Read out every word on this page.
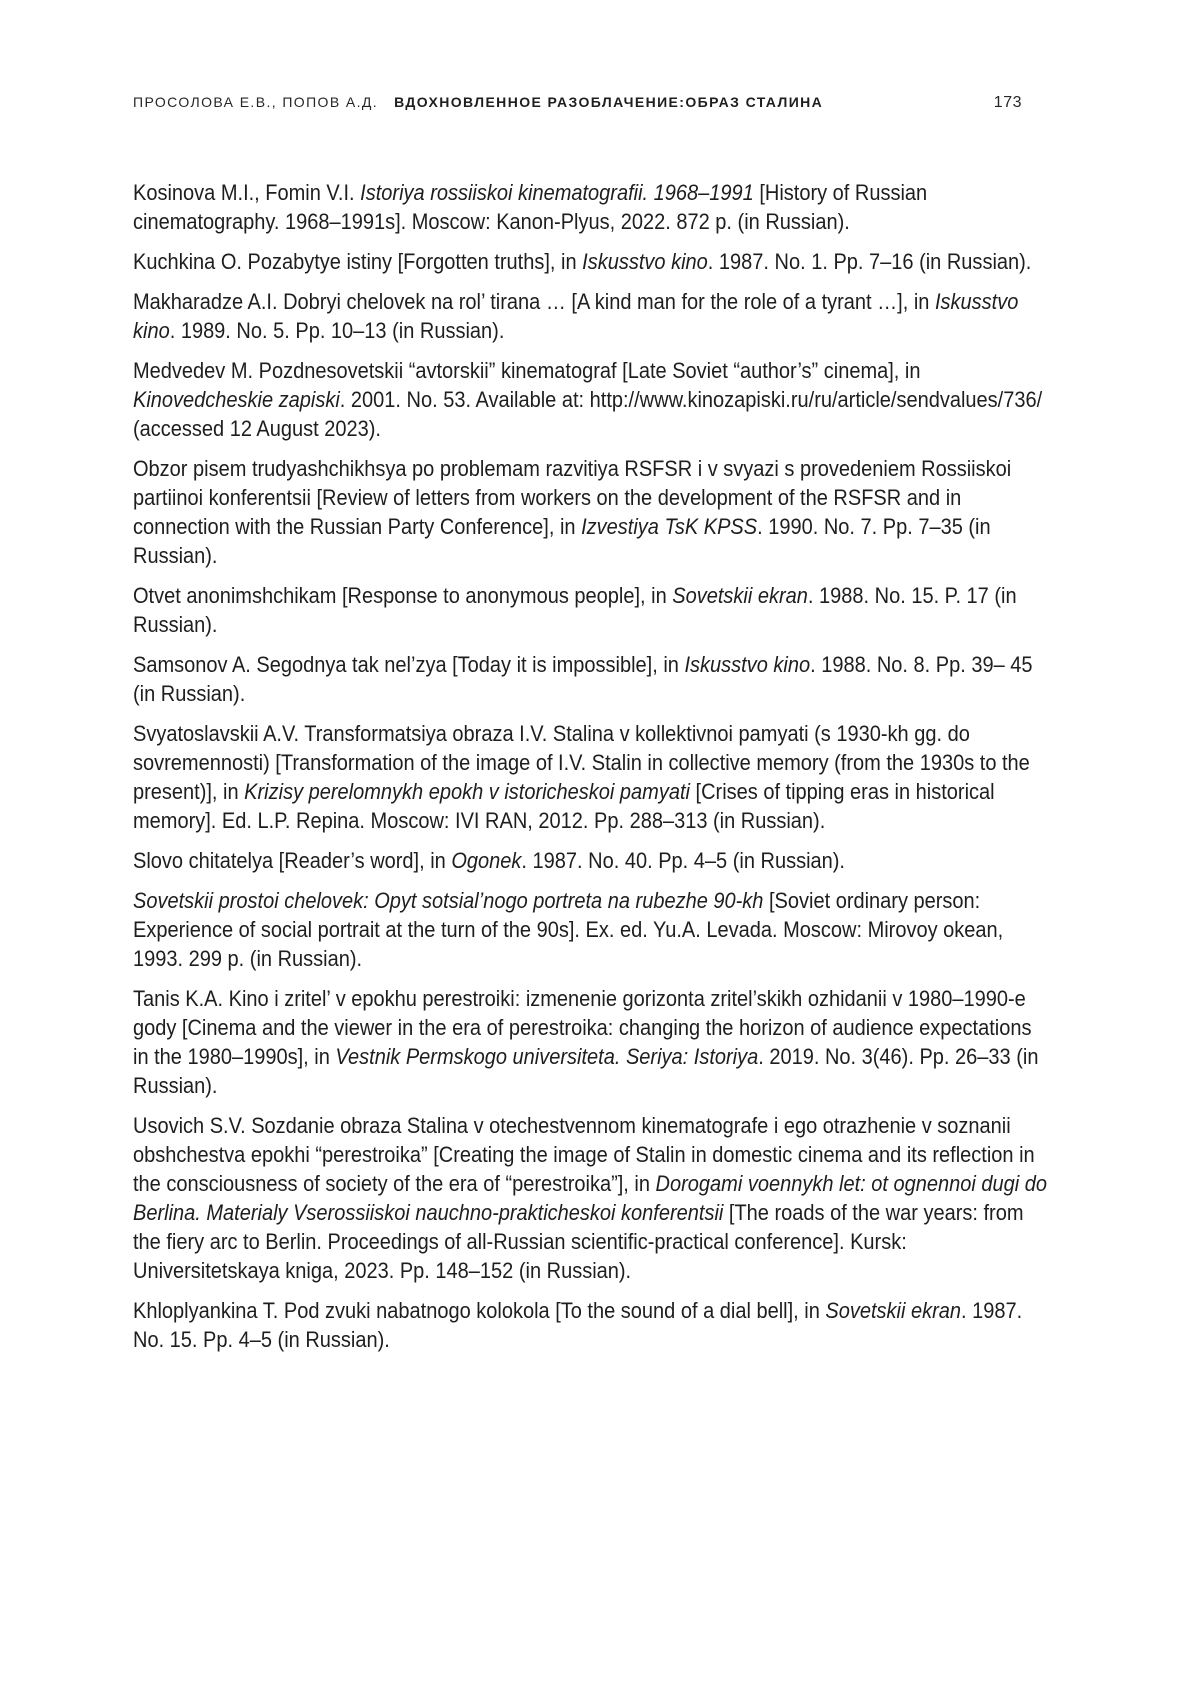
ПРОСОЛОВА Е.В., ПОПОВ А.Д. ВДОХНОВЛЕННОЕ РАЗОБЛАЧЕНИЕ:ОБРАЗ СТАЛИНА	173

Kosinova M.I., Fomin V.I. Istoriya rossiiskoi kinematografii. 1968–1991 [History of Russian cinematography. 1968–1991s]. Moscow: Kanon-Plyus, 2022. 872 p. (in Russian).

Kuchkina O. Pozabytye istiny [Forgotten truths], in Iskusstvo kino. 1987. No. 1. Pp. 7–16 (in Russian).

Makharadze A.I. Dobryi chelovek na rol’ tirana … [A kind man for the role of a tyrant …], in Iskusstvo kino. 1989. No. 5. Pp. 10–13 (in Russian).

Medvedev M. Pozdnesovetskii “avtorskii” kinematograf [Late Soviet “author’s” cinema], in Kinovedcheskie zapiski. 2001. No. 53. Available at: http://www.kinozapiski.ru/ru/article/sendvalues/736/ (accessed 12 August 2023).

Obzor pisem trudyashchikhsya po problemam razvitiya RSFSR i v svyazi s provedeniem Rossiiskoi partiinoi konferentsii [Review of letters from workers on the development of the RSFSR and in connection with the Russian Party Conference], in Izvestiya TsK KPSS. 1990. No. 7. Pp. 7–35 (in Russian).

Otvet anonimshchikam [Response to anonymous people], in Sovetskii ekran. 1988. No. 15. P. 17 (in Russian).

Samsonov A. Segodnya tak nel’zya [Today it is impossible], in Iskusstvo kino. 1988. No. 8. Pp. 39– 45 (in Russian).

Svyatoslavskii A.V. Transformatsiya obraza I.V. Stalina v kollektivnoi pamyati (s 1930-kh gg. do sovremennosti) [Transformation of the image of I.V. Stalin in collective memory (from the 1930s to the present)], in Krizisy perelomnykh epokh v istoricheskoi pamyati [Crises of tipping eras in historical memory]. Ed. L.P. Repina. Moscow: IVI RAN, 2012. Pp. 288–313 (in Russian).

Slovo chitatelya [Reader’s word], in Ogonek. 1987. No. 40. Pp. 4–5 (in Russian).

Sovetskii prostoi chelovek: Opyt sotsial’nogo portreta na rubezhe 90-kh [Soviet ordinary person: Experience of social portrait at the turn of the 90s]. Ex. ed. Yu.A. Levada. Moscow: Mirovoy okean, 1993. 299 p. (in Russian).

Tanis K.A. Kino i zritel’ v epokhu perestroiki: izmenenie gorizonta zritel’skikh ozhidanii v 1980–1990-e gody [Cinema and the viewer in the era of perestroika: changing the horizon of audience expectations in the 1980–1990s], in Vestnik Permskogo universiteta. Seriya: Istoriya. 2019. No. 3(46). Pp. 26–33 (in Russian).

Usovich S.V. Sozdanie obraza Stalina v otechestvennom kinematografe i ego otrazhenie v soznanii obshchestva epokhi “perestroika” [Creating the image of Stalin in domestic cinema and its reflection in the consciousness of society of the era of “perestroika”], in Dorogami voennykh let: ot ognennoi dugi do Berlina. Materialy Vserossiiskoi nauchno-prakticheskoi konferentsii [The roads of the war years: from the fiery arc to Berlin. Proceedings of all-Russian scientific-practical conference]. Kursk: Universitetskaya kniga, 2023. Pp. 148–152 (in Russian).

Khloplyankina T. Pod zvuki nabatnogo kolokola [To the sound of a dial bell], in Sovetskii ekran. 1987. No. 15. Pp. 4–5 (in Russian).
